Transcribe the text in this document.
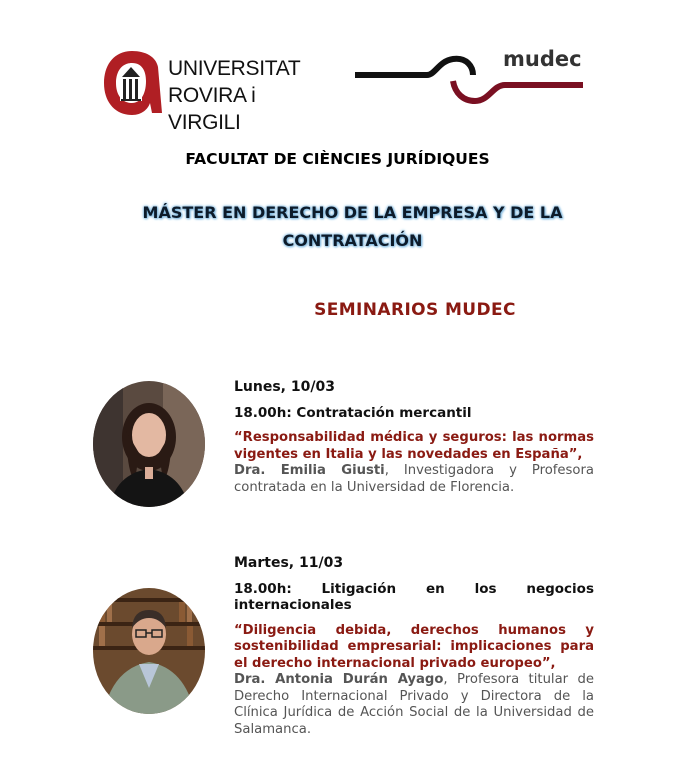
UNIVERSITAT
ROVIRA i VIRGILI
mudec
FACULTAT DE CIÈNCIES JURÍDIQUES
MÁSTER EN DERECHO DE LA EMPRESA Y DE LA
CONTRATACIÓN
SEMINARIOS MUDEC
Lunes, 10/03
18.00h: Contratación mercantil
“Responsabilidad médica y seguros: las normas vigentes en Italia y las novedades en España”,
Dra. Emilia Giusti, Investigadora y Profesora contratada en la Universidad de Florencia.
Martes, 11/03
18.00h: Litigación en los negocios internacionales
“Diligencia debida, derechos humanos y sostenibilidad empresarial: implicaciones para el derecho internacional privado europeo”,
Dra. Antonia Durán Ayago, Profesora titular de Derecho Internacional Privado y Directora de la Clínica Jurídica de Acción Social de la Universidad de Salamanca.
